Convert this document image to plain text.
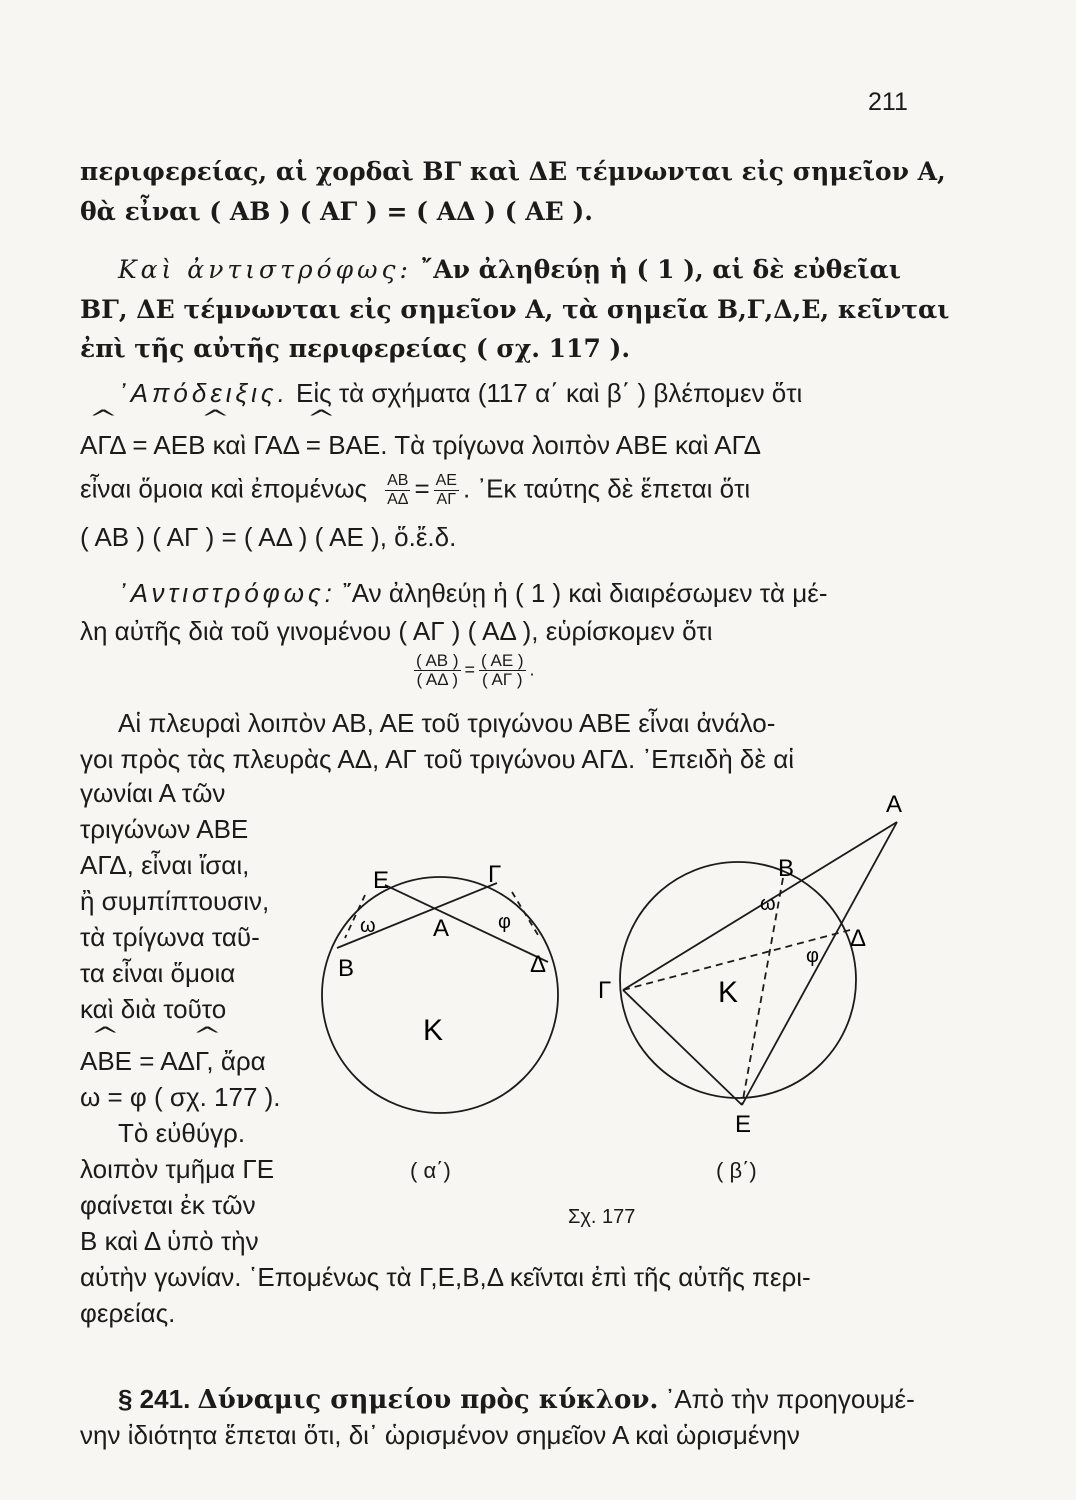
211
περιφερείας, αἱ χορδαὶ ΒΓ καὶ ΔΕ τέμνωνται εἰς σημεῖον Α,
θὰ εἶναι ( ΑΒ ) ( ΑΓ ) = ( ΑΔ ) ( ΑΕ ).
Καὶ ἀντιστρόφως: ῎Αν ἀληθεύῃ ἡ ( 1 ), αἱ δὲ εὐθεῖαι
ΒΓ, ΔΕ τέμνωνται εἰς σημεῖον Α, τὰ σημεῖα Β,Γ,Δ,Ε, κεῖνται
ἐπὶ τῆς αὐτῆς περιφερείας ( σχ. 117 ).
᾿Απόδειξις. Εἰς τὰ σχήματα (117 α΄ καὶ β΄ ) βλέπομεν ὅτι
^	^	^
ΑΓΔ = ΑΕΒ καὶ ΓΑΔ = ΒΑΕ. Τὰ τρίγωνα λοιπὸν ΑΒΕ καὶ ΑΓΔ
εἶναι ὅμοια καὶ ἐπομένως $\frac{AB}{A\Delta} = \frac{AE}{A\Gamma}$ . ᾿Εκ ταύτης δὲ ἕπεται ὅτι
( ΑΒ ) ( ΑΓ ) = ( ΑΔ ) ( ΑΕ ), ὅ.ἔ.δ.
᾿Αντιστρόφως: ῎Αν ἀληθεύῃ ἡ ( 1 ) καὶ διαιρέσωμεν τὰ μέ-
λη αὐτῆς διὰ τοῦ γινομένου ( ΑΓ ) ( ΑΔ ), εὑρίσκομεν ὅτι
$\frac{( AB )}{( A\Delta )} = \frac{( AE )}{( A\Gamma )}$ .
Αἱ πλευραὶ λοιπὸν ΑΒ, ΑΕ τοῦ τριγώνου ΑΒΕ εἶναι ἀνάλο-
γοι πρὸς τὰς πλευρὰς ΑΔ, ΑΓ τοῦ τριγώνου ΑΓΔ. ᾿Επειδὴ δὲ αἱ
γωνίαι Α τῶν
τριγώνων ΑΒΕ
ΑΓΔ, εἶναι ἴσαι,
ἢ συμπίπτουσιν,
τὰ τρίγωνα ταῦ-
τα εἶναι ὅμοια
καὶ διὰ τοῦτο
^	^
ΑΒΕ = ΑΔΓ, ἄρα
ω = φ ( σχ. 177 ).
Τὸ εὐθύγρ.
λοιπὸν τμῆμα ΓΕ
φαίνεται ἐκ τῶν
Β καὶ Δ ὑπὸ τὴν
Ε	Γ
Α
ω	φ
Β	Δ
Κ
Α
Β
ω
Δ
φ
Γ	Κ
Ε
( α΄)	( β΄)
Σχ. 177
αὐτὴν γωνίαν. ῾Επομένως τὰ Γ,Ε,Β,Δ κεῖνται ἐπὶ τῆς αὐτῆς περι-
φερείας.
§ 241. Δύναμις σημείου πρὸς κύκλον. ᾿Απὸ τὴν προηγουμέ-
νην ἰδιότητα ἕπεται ὅτι, δι᾿ ὡρισμένον σημεῖον Α καὶ ὡρισμένην
